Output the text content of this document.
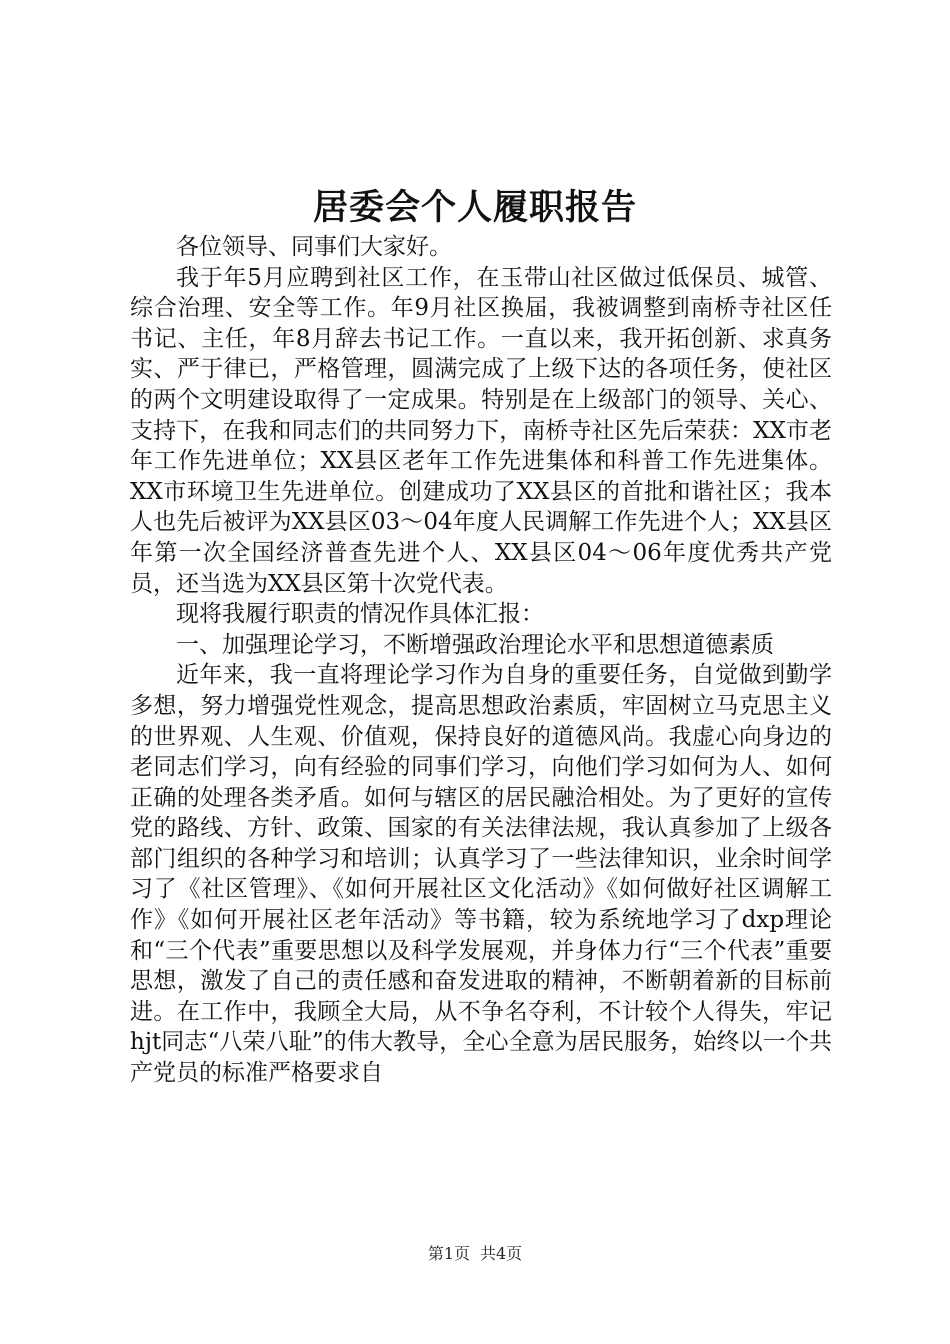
居委会个人履职报告

各位领导、同事们大家好。

我于年5月应聘到社区工作，在玉带山社区做过低保员、城管、综合治理、安全等工作。年9月社区换届，我被调整到南桥寺社区任书记、主任，年8月辞去书记工作。一直以来，我开拓创新、求真务实、严于律已，严格管理，圆满完成了上级下达的各项任务，使社区的两个文明建设取得了一定成果。特别是在上级部门的领导、关心、支持下，在我和同志们的共同努力下，南桥寺社区先后荣获：XX市老年工作先进单位；XX县区老年工作先进集体和科普工作先进集体。XX市环境卫生先进单位。创建成功了XX县区的首批和谐社区；我本人也先后被评为XX县区03～04年度人民调解工作先进个人；XX县区年第一次全国经济普查先进个人、XX县区04～06年度优秀共产党员，还当选为XX县区第十次党代表。

现将我履行职责的情况作具体汇报：

一、加强理论学习，不断增强政治理论水平和思想道德素质

近年来，我一直将理论学习作为自身的重要任务，自觉做到勤学多想，努力增强党性观念，提高思想政治素质，牢固树立马克思主义的世界观、人生观、价值观，保持良好的道德风尚。我虚心向身边的老同志们学习，向有经验的同事们学习，向他们学习如何为人、如何正确的处理各类矛盾。如何与辖区的居民融洽相处。为了更好的宣传党的路线、方针、政策、国家的有关法律法规，我认真参加了上级各部门组织的各种学习和培训；认真学习了一些法律知识，业余时间学习了《社区管理》、《如何开展社区文化活动》《如何做好社区调解工作》《如何开展社区老年活动》等书籍，较为系统地学习了dxp理论和“三个代表”重要思想以及科学发展观，并身体力行“三个代表”重要思想，激发了自己的责任感和奋发进取的精神，不断朝着新的目标前进。在工作中，我顾全大局，从不争名夺利，不计较个人得失，牢记hjt同志“八荣八耻”的伟大教导，全心全意为居民服务，始终以一个共产党员的标准严格要求自

第1页 共4页
